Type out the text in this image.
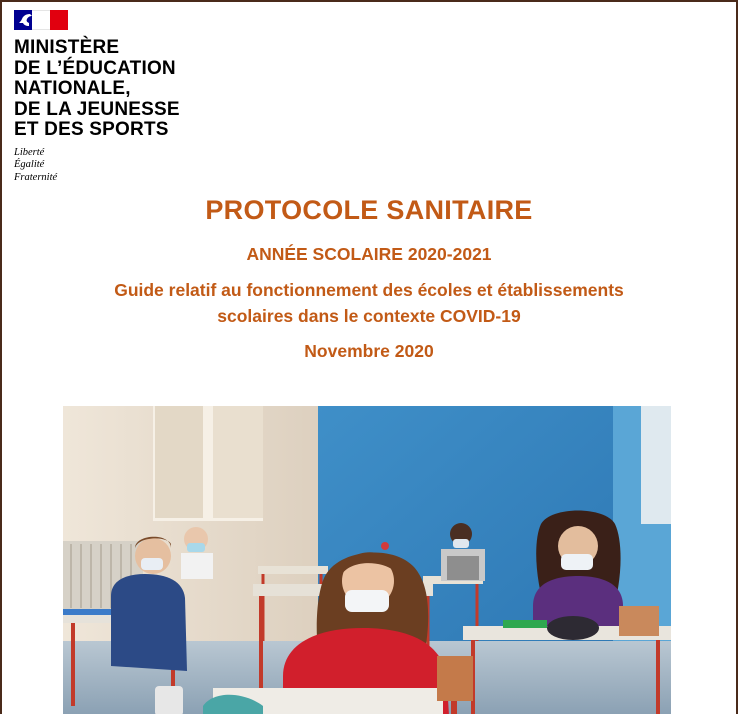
MINISTÈRE
DE L’ÉDUCATION
NATIONALE,
DE LA JEUNESSE
ET DES SPORTS
Liberté
Égalité
Fraternité
PROTOCOLE SANITAIRE
ANNÉE SCOLAIRE 2020-2021
Guide relatif au fonctionnement des écoles et établissements
scolaires dans le contexte COVID-19
Novembre 2020
